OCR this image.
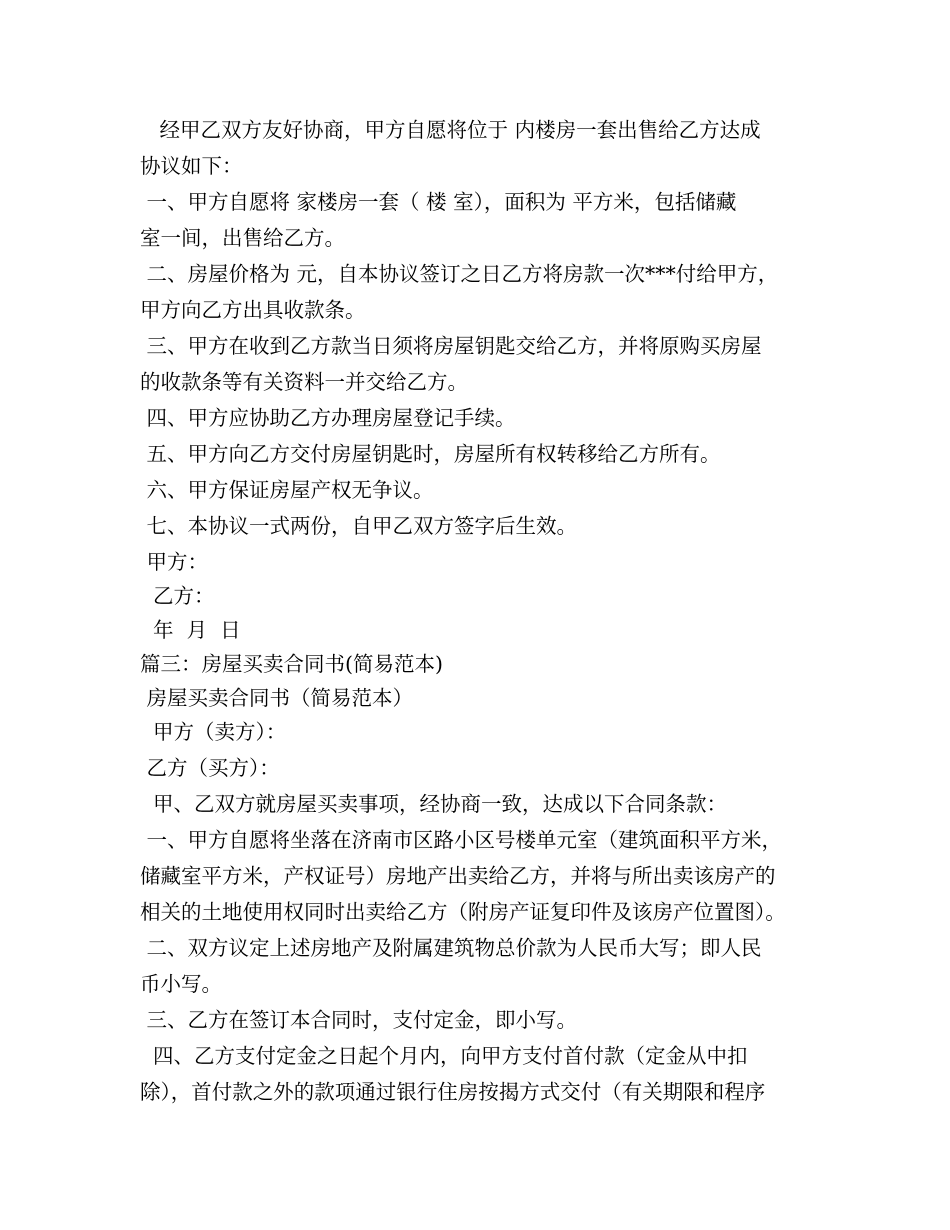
经甲乙双方友好协商，甲方自愿将位于 内楼房一套出售给乙方达成
协议如下：
一、甲方自愿将 家楼房一套（ 楼 室），面积为 平方米，包括储藏
室一间，出售给乙方。
二、房屋价格为 元，自本协议签订之日乙方将房款一次***付给甲方，
甲方向乙方出具收款条。
三、甲方在收到乙方款当日须将房屋钥匙交给乙方，并将原购买房屋
的收款条等有关资料一并交给乙方。
四、甲方应协助乙方办理房屋登记手续。
五、甲方向乙方交付房屋钥匙时，房屋所有权转移给乙方所有。
六、甲方保证房屋产权无争议。
七、本协议一式两份，自甲乙双方签字后生效。
甲方：
乙方：
年  月  日
篇三：房屋买卖合同书(简易范本)
房屋买卖合同书（简易范本）
甲方（卖方）：
乙方（买方）：
甲、乙双方就房屋买卖事项，经协商一致，达成以下合同条款：
一、甲方自愿将坐落在济南市区路小区号楼单元室（建筑面积平方米，
储藏室平方米，产权证号）房地产出卖给乙方，并将与所出卖该房产的
相关的土地使用权同时出卖给乙方（附房产证复印件及该房产位置图）。
二、双方议定上述房地产及附属建筑物总价款为人民币大写；即人民
币小写。
三、乙方在签订本合同时，支付定金，即小写。
四、乙方支付定金之日起个月内，向甲方支付首付款（定金从中扣
除），首付款之外的款项通过银行住房按揭方式交付（有关期限和程序
